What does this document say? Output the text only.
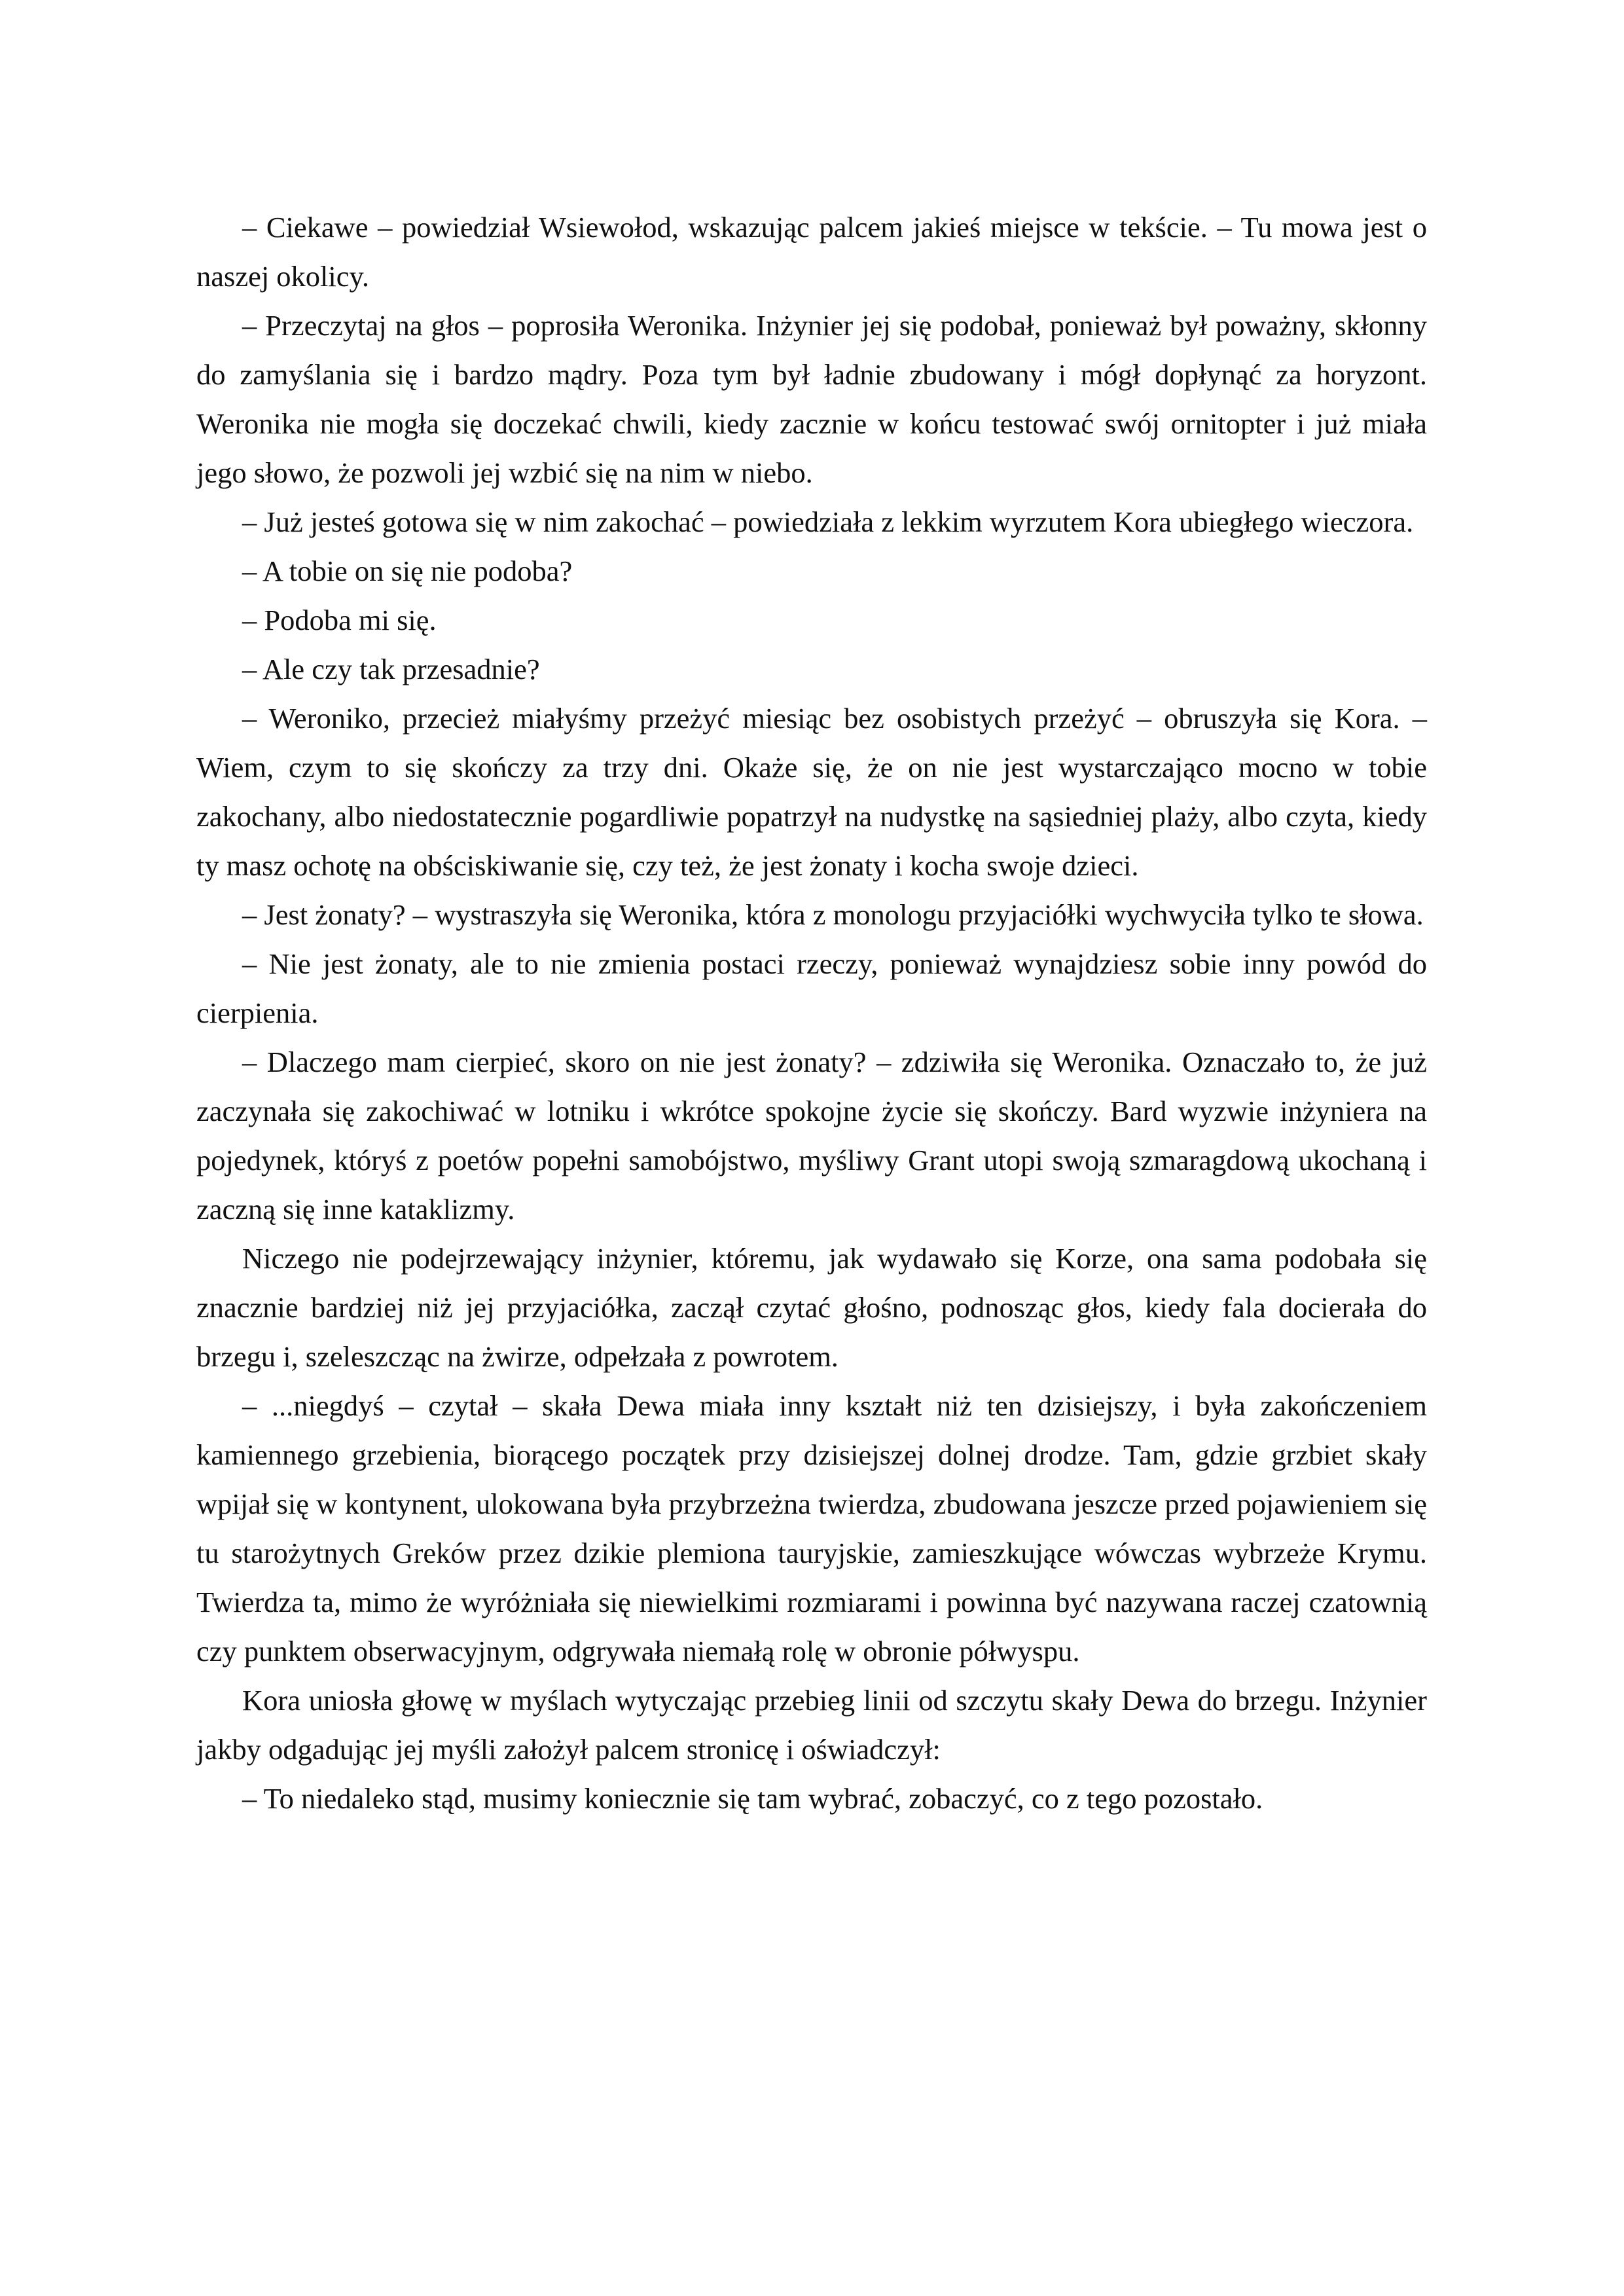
– Ciekawe – powiedział Wsiewołod, wskazując palcem jakieś miejsce w tekście. – Tu mowa jest o naszej okolicy.

– Przeczytaj na głos – poprosiła Weronika. Inżynier jej się podobał, ponieważ był poważny, skłonny do zamyślania się i bardzo mądry. Poza tym był ładnie zbudowany i mógł dopłynąć za horyzont. Weronika nie mogła się doczekać chwili, kiedy zacznie w końcu testować swój ornitopter i już miała jego słowo, że pozwoli jej wzbić się na nim w niebo.

– Już jesteś gotowa się w nim zakochać – powiedziała z lekkim wyrzutem Kora ubiegłego wieczora.

– A tobie on się nie podoba?

– Podoba mi się.

– Ale czy tak przesadnie?

– Weroniko, przecież miałyśmy przeżyć miesiąc bez osobistych przeżyć – obruszyła się Kora. – Wiem, czym to się skończy za trzy dni. Okaże się, że on nie jest wystarczająco mocno w tobie zakochany, albo niedostatecznie pogardliwie popatrzył na nudystkę na sąsiedniej plaży, albo czyta, kiedy ty masz ochotę na obściskiwanie się, czy też, że jest żonaty i kocha swoje dzieci.

– Jest żonaty? – wystraszyła się Weronika, która z monologu przyjaciółki wychwyciła tylko te słowa.

– Nie jest żonaty, ale to nie zmienia postaci rzeczy, ponieważ wynajdziesz sobie inny powód do cierpienia.

– Dlaczego mam cierpieć, skoro on nie jest żonaty? – zdziwiła się Weronika. Oznaczało to, że już zaczynała się zakochiwać w lotniku i wkrótce spokojne życie się skończy. Bard wyzwie inżyniera na pojedynek, któryś z poetów popełni samobójstwo, myśliwy Grant utopi swoją szmaragdową ukochaną i zaczną się inne kataklizmy.

Niczego nie podejrzewający inżynier, któremu, jak wydawało się Korze, ona sama podobała się znacznie bardziej niż jej przyjaciółka, zaczął czytać głośno, podnosząc głos, kiedy fala docierała do brzegu i, szeleszcząc na żwirze, odpełzała z powrotem.

– ...niegdyś – czytał – skała Dewa miała inny kształt niż ten dzisiejszy, i była zakończeniem kamiennego grzebienia, biorącego początek przy dzisiejszej dolnej drodze. Tam, gdzie grzbiet skały wpijał się w kontynent, ulokowana była przybrzeżna twierdza, zbudowana jeszcze przed pojawieniem się tu starożytnych Greków przez dzikie plemiona tauryjskie, zamieszkujące wówczas wybrzeże Krymu. Twierdza ta, mimo że wyróżniała się niewielkimi rozmiarami i powinna być nazywana raczej czatownią czy punktem obserwacyjnym, odgrywała niemałą rolę w obronie półwyspu.

Kora uniosła głowę w myślach wytyczając przebieg linii od szczytu skały Dewa do brzegu. Inżynier jakby odgadując jej myśli założył palcem stronicę i oświadczył:

– To niedaleko stąd, musimy koniecznie się tam wybrać, zobaczyć, co z tego pozostało.
